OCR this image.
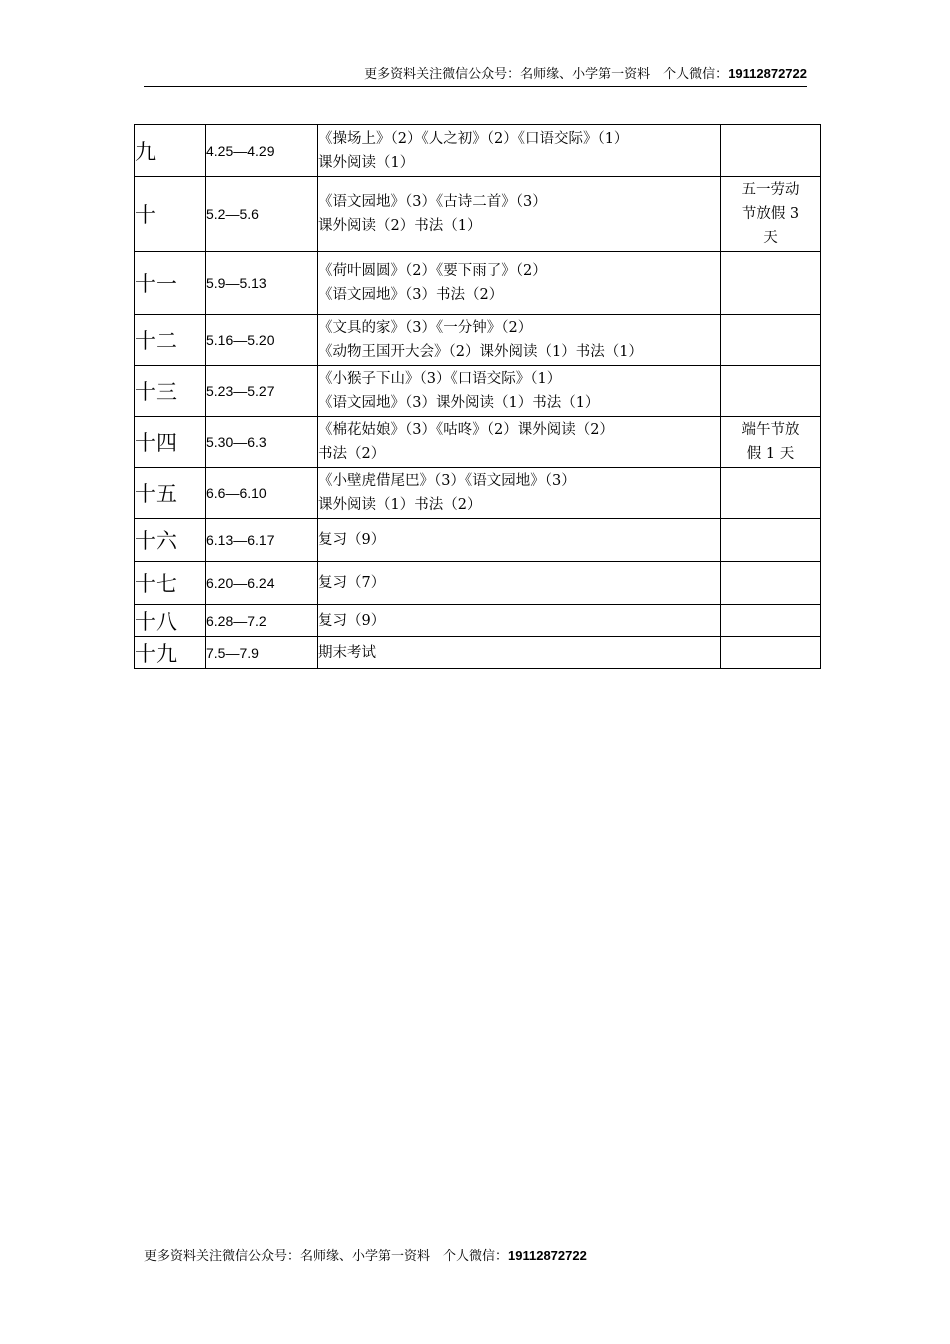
更多资料关注微信公众号：名师缘、小学第一资料　个人微信：19112872722
九	4.25—4.29	《操场上》（2）《人之初》（2）《口语交际》（1）
课外阅读（1）	

十	5.2—5.6	《语文园地》（3）《古诗二首》（3）
课外阅读（2）书法（1）	五一劳动
节放假 3
天

十一	5.9—5.13	《荷叶圆圆》（2）《要下雨了》（2）
《语文园地》（3）书法（2）	

十二	5.16—5.20	《文具的家》（3）《一分钟》（2）
《动物王国开大会》（2）课外阅读（1）书法（1）	

十三	5.23—5.27	《小猴子下山》（3）《口语交际》（1）
《语文园地》（3）课外阅读（1）书法（1）	

十四	5.30—6.3	《棉花姑娘》（3）《咕咚》（2）课外阅读（2）
书法（2）	端午节放
假 1 天

十五	6.6—6.10	《小壁虎借尾巴》（3）《语文园地》（3）
课外阅读（1）书法（2）	

十六	6.13—6.17	复习（9）	

十七	6.20—6.24	复习（7）	

十八	6.28—7.2	复习（9）	

十九	7.5—7.9	期末考试	

更多资料关注微信公众号：名师缘、小学第一资料　个人微信：19112872722
